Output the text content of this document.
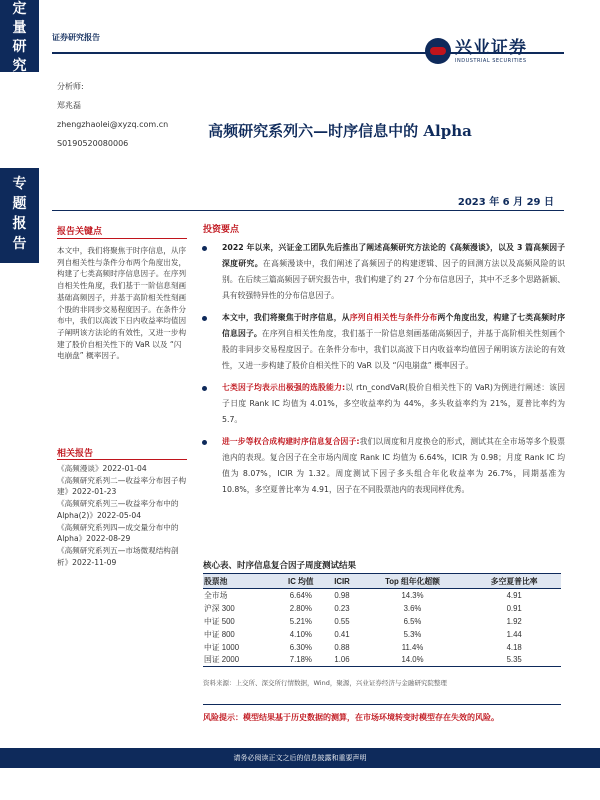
定
量
研
究
专
题
报
告
证券研究报告
兴业证券
INDUSTRIAL SECURITIES
分析师:
郑兆磊
zhengzhaolei@xyzq.com.cn
S0190520080006
高频研究系列六—时序信息中的 Alpha
2023 年 6 月 29 日
报告关键点
本文中，我们将聚焦于时序信息，从序列自相关性与条件分布两个角度出发，构建了七类高频时序信息因子。在序列自相关性角度，我们基于一阶信息刻画基础高频因子，并基于高阶相关性刻画个股的非同步交易程度因子。在条件分布中，我们以高波下日内收益率均值因子阐明该方法论的有效性，又进一步构建了股价自相关性下的 VaR 以及 “闪电崩盘” 概率因子。
相关报告
《高频漫谈》2022-01-04
《高频研究系列二—收益率分布因子构建》2022-01-23
《高频研究系列三—收益率分布中的 Alpha(2)》2022-05-04
《高频研究系列四—成交量分布中的 Alpha》2022-08-29
《高频研究系列五—市场微观结构剖析》2022-11-09
投资要点
2022 年以来，兴证金工团队先后推出了阐述高频研究方法论的《高频漫谈》，以及 3 篇高频因子深度研究。在高频漫谈中，我们阐述了高频因子的构建逻辑、因子的回测方法以及高频风险的识别。在后续三篇高频因子研究报告中，我们构建了约 27 个分布信息因子，其中不乏多个思路新颖、具有较强特异性的分布信息因子。
本文中，我们将聚焦于时序信息，从序列自相关性与条件分布两个角度出发，构建了七类高频时序信息因子。在序列自相关性角度，我们基于一阶信息刻画基础高频因子，并基于高阶相关性刻画个股的非同步交易程度因子。在条件分布中，我们以高波下日内收益率均值因子阐明该方法论的有效性，又进一步构建了股价自相关性下的 VaR 以及 “闪电崩盘” 概率因子。
七类因子均表示出极强的选股能力:以 rtn_condVaR(股价自相关性下的 VaR)为例进行阐述：该因子日度 Rank IC 均值为 4.01%，多空收益率约为 44%，多头收益率约为 21%，夏普比率约为 5.7。
进一步等权合成构建时序信息复合因子:我们以周度和月度换仓的形式，测试其在全市场等多个股票池内的表现。复合因子在全市场内周度 Rank IC 均值为 6.64%，ICIR 为 0.98；月度 Rank IC 均值为 8.07%，ICIR 为 1.32。周度测试下因子多头组合年化收益率为 26.7%，同期基准为 10.8%，多空夏普比率为 4.91，因子在不同股票池内的表现同样优秀。
核心表、时序信息复合因子周度测试结果
股票池	IC 均值	ICIR	Top 组年化超额	多空夏普比率
全市场	6.64%	0.98	14.3%	4.91
沪深 300	2.80%	0.23	3.6%	0.91
中证 500	5.21%	0.55	6.5%	1.92
中证 800	4.10%	0.41	5.3%	1.44
中证 1000	6.30%	0.88	11.4%	4.18
国证 2000	7.18%	1.06	14.0%	5.35
资料来源：上交所、深交所行情数据，Wind，聚源，兴业证券经济与金融研究院整理
风险提示：模型结果基于历史数据的测算，在市场环境转变时模型存在失效的风险。
请务必阅读正文之后的信息披露和重要声明
